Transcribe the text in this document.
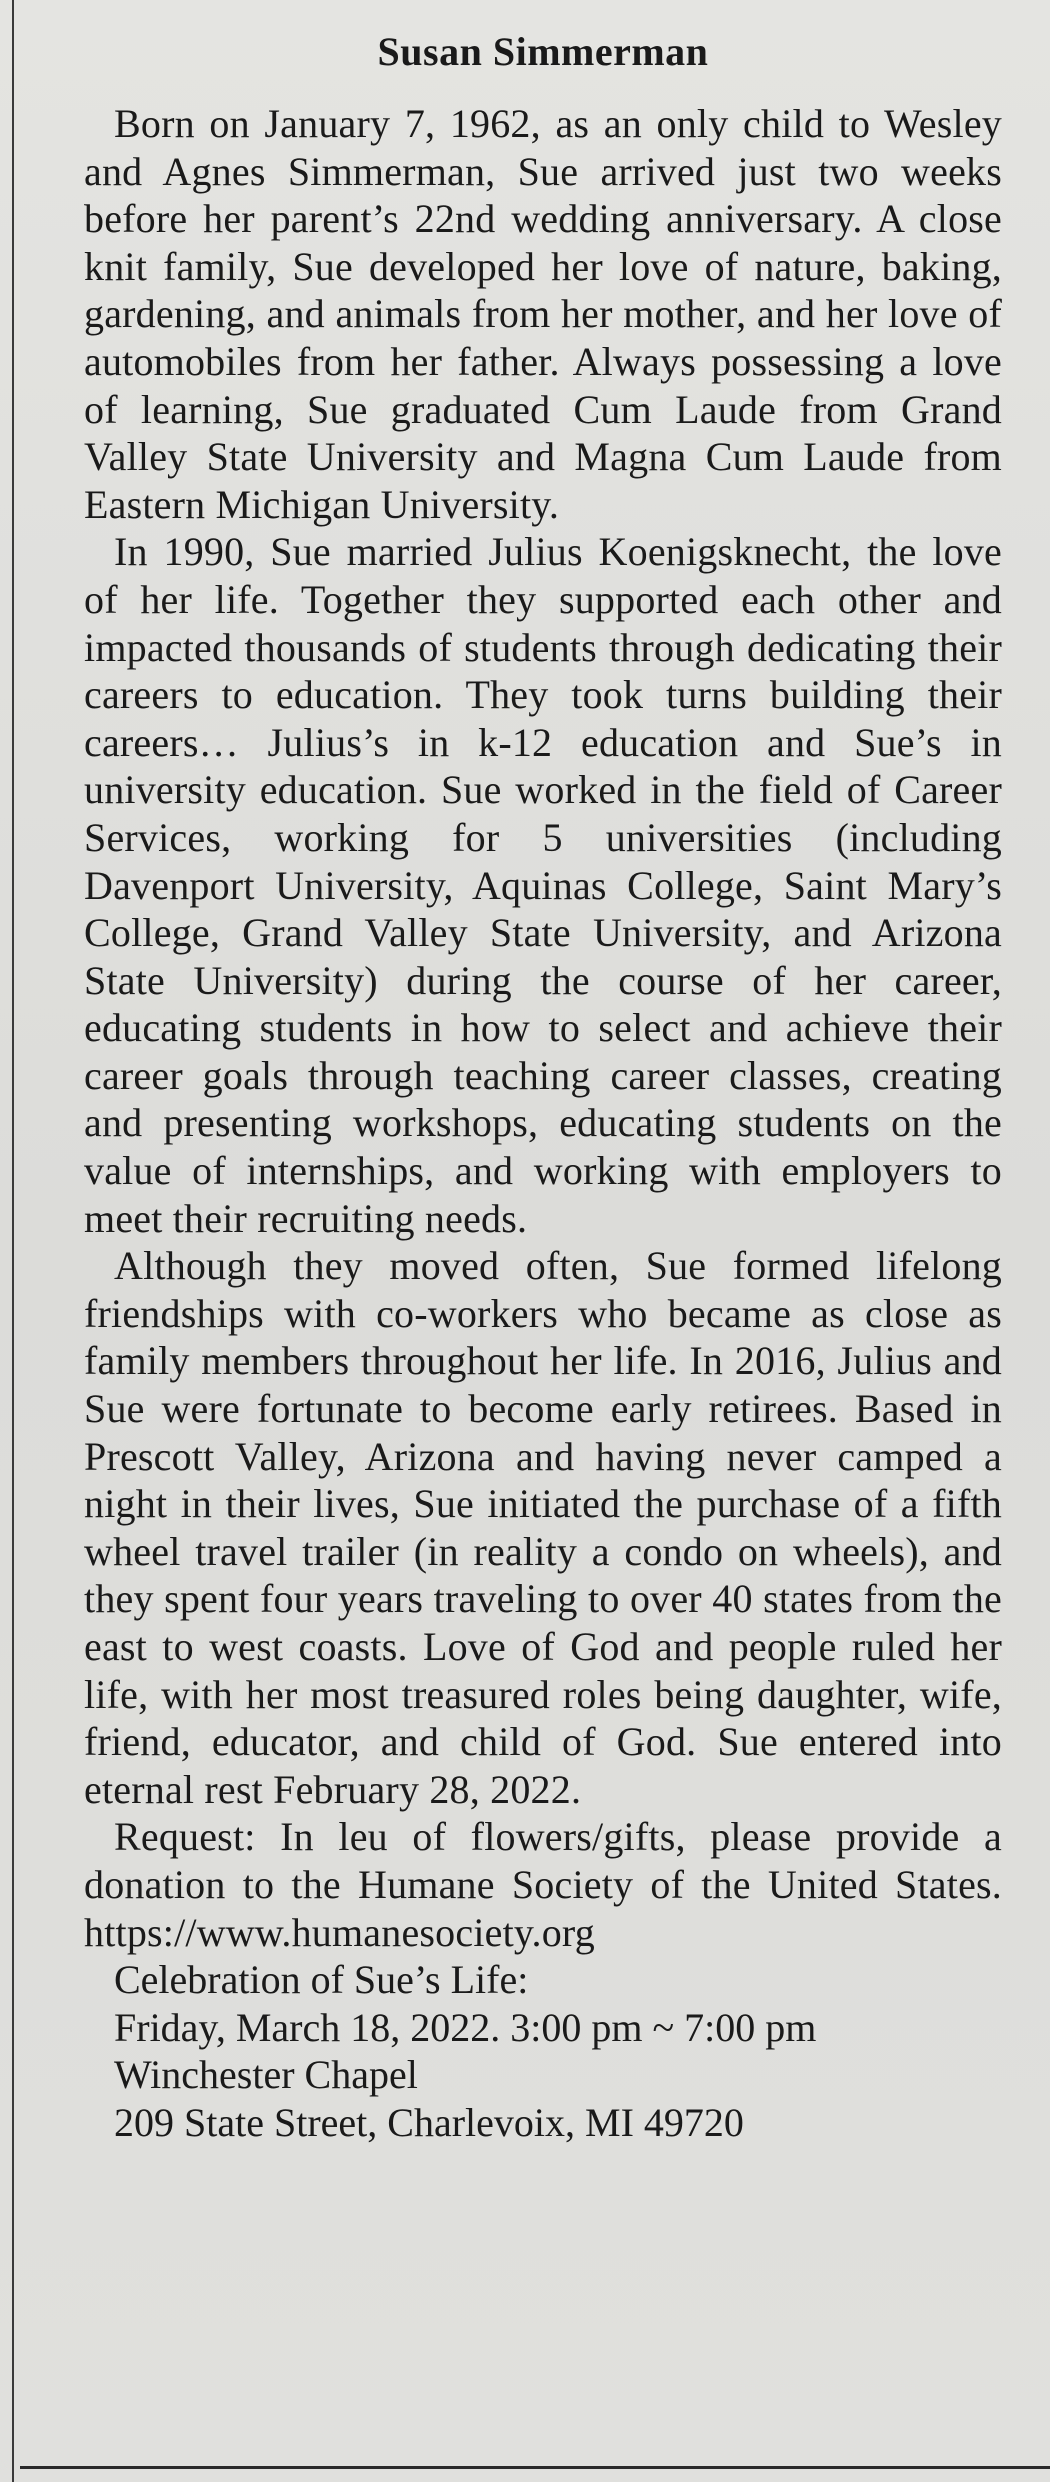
Susan Simmerman

Born on January 7, 1962, as an only child to Wesley and Agnes Simmerman, Sue arrived just two weeks before her parent’s 22nd wedding anniversary. A close knit family, Sue developed her love of nature, baking, gardening, and animals from her mother, and her love of automobiles from her father. Always possessing a love of learning, Sue graduated Cum Laude from Grand Valley State University and Magna Cum Laude from Eastern Michigan University.

In 1990, Sue married Julius Koenigsknecht, the love of her life. Together they supported each other and impacted thousands of students through dedicating their careers to education. They took turns building their careers… Julius’s in k-12 education and Sue’s in university education. Sue worked in the field of Career Services, working for 5 universities (including Davenport University, Aquinas College, Saint Mary’s College, Grand Valley State University, and Arizona State University) during the course of her career, educating students in how to select and achieve their career goals through teaching career classes, creating and presenting workshops, educating students on the value of internships, and working with employers to meet their recruiting needs.

Although they moved often, Sue formed lifelong friendships with co-workers who became as close as family members throughout her life. In 2016, Julius and Sue were fortunate to become early retirees. Based in Prescott Valley, Arizona and having never camped a night in their lives, Sue initiated the purchase of a fifth wheel travel trailer (in reality a condo on wheels), and they spent four years traveling to over 40 states from the east to west coasts. Love of God and people ruled her life, with her most treasured roles being daughter, wife, friend, educator, and child of God. Sue entered into eternal rest February 28, 2022.

Request: In leu of flowers/gifts, please provide a donation to the Humane Society of the United States. https://www.humanesociety.org

Celebration of Sue’s Life:
Friday, March 18, 2022. 3:00 pm ~ 7:00 pm
Winchester Chapel
209 State Street, Charlevoix, MI 49720
